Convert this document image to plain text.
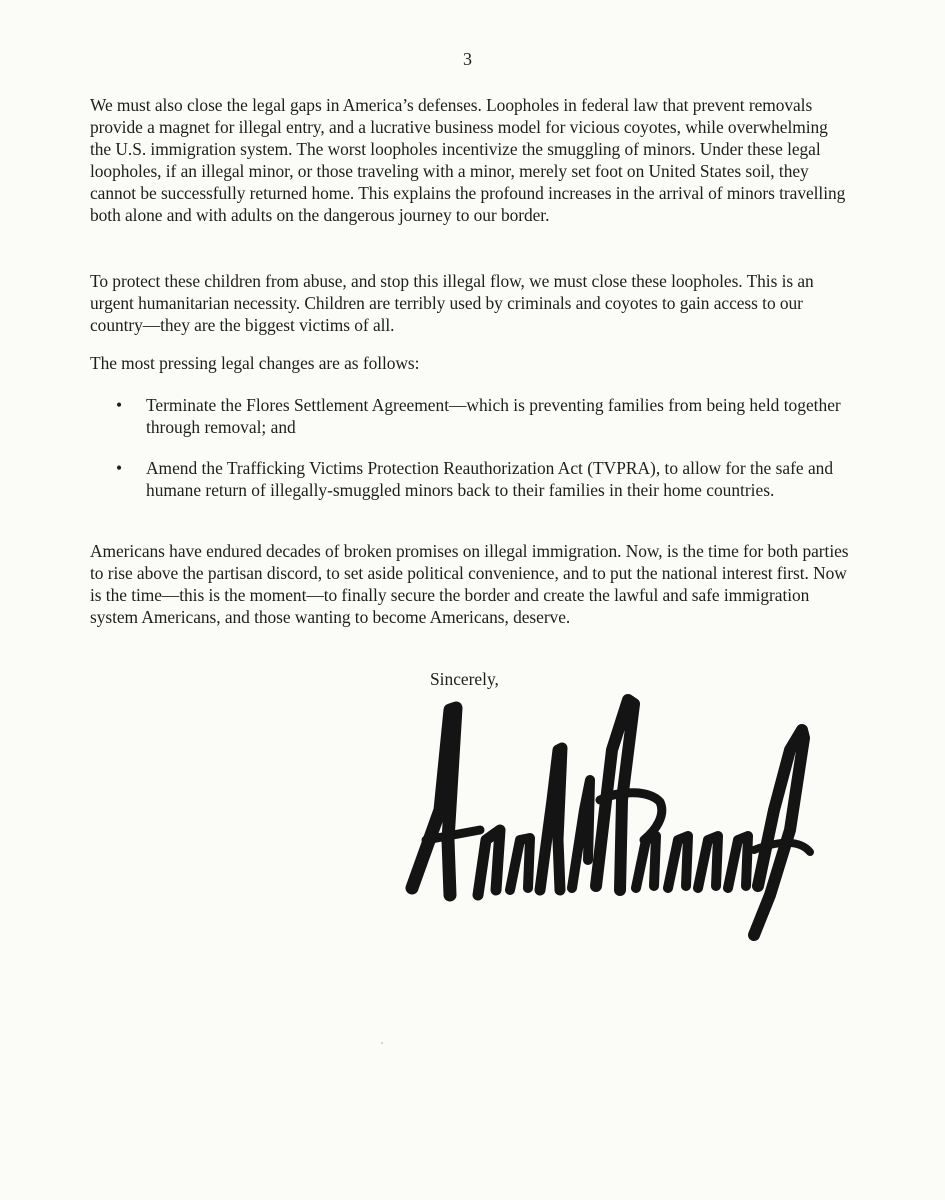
3
We must also close the legal gaps in America’s defenses. Loopholes in federal law that prevent removals provide a magnet for illegal entry, and a lucrative business model for vicious coyotes, while overwhelming the U.S. immigration system. The worst loopholes incentivize the smuggling of minors. Under these legal loopholes, if an illegal minor, or those traveling with a minor, merely set foot on United States soil, they cannot be successfully returned home. This explains the profound increases in the arrival of minors travelling both alone and with adults on the dangerous journey to our border.
To protect these children from abuse, and stop this illegal flow, we must close these loopholes. This is an urgent humanitarian necessity. Children are terribly used by criminals and coyotes to gain access to our country—they are the biggest victims of all.
The most pressing legal changes are as follows:
•	Terminate the Flores Settlement Agreement—which is preventing families from being held together through removal; and
•	Amend the Trafficking Victims Protection Reauthorization Act (TVPRA), to allow for the safe and humane return of illegally-smuggled minors back to their families in their home countries.
Americans have endured decades of broken promises on illegal immigration. Now, is the time for both parties to rise above the partisan discord, to set aside political convenience, and to put the national interest first. Now is the time—this is the moment—to finally secure the border and create the lawful and safe immigration system Americans, and those wanting to become Americans, deserve.
Sincerely,
